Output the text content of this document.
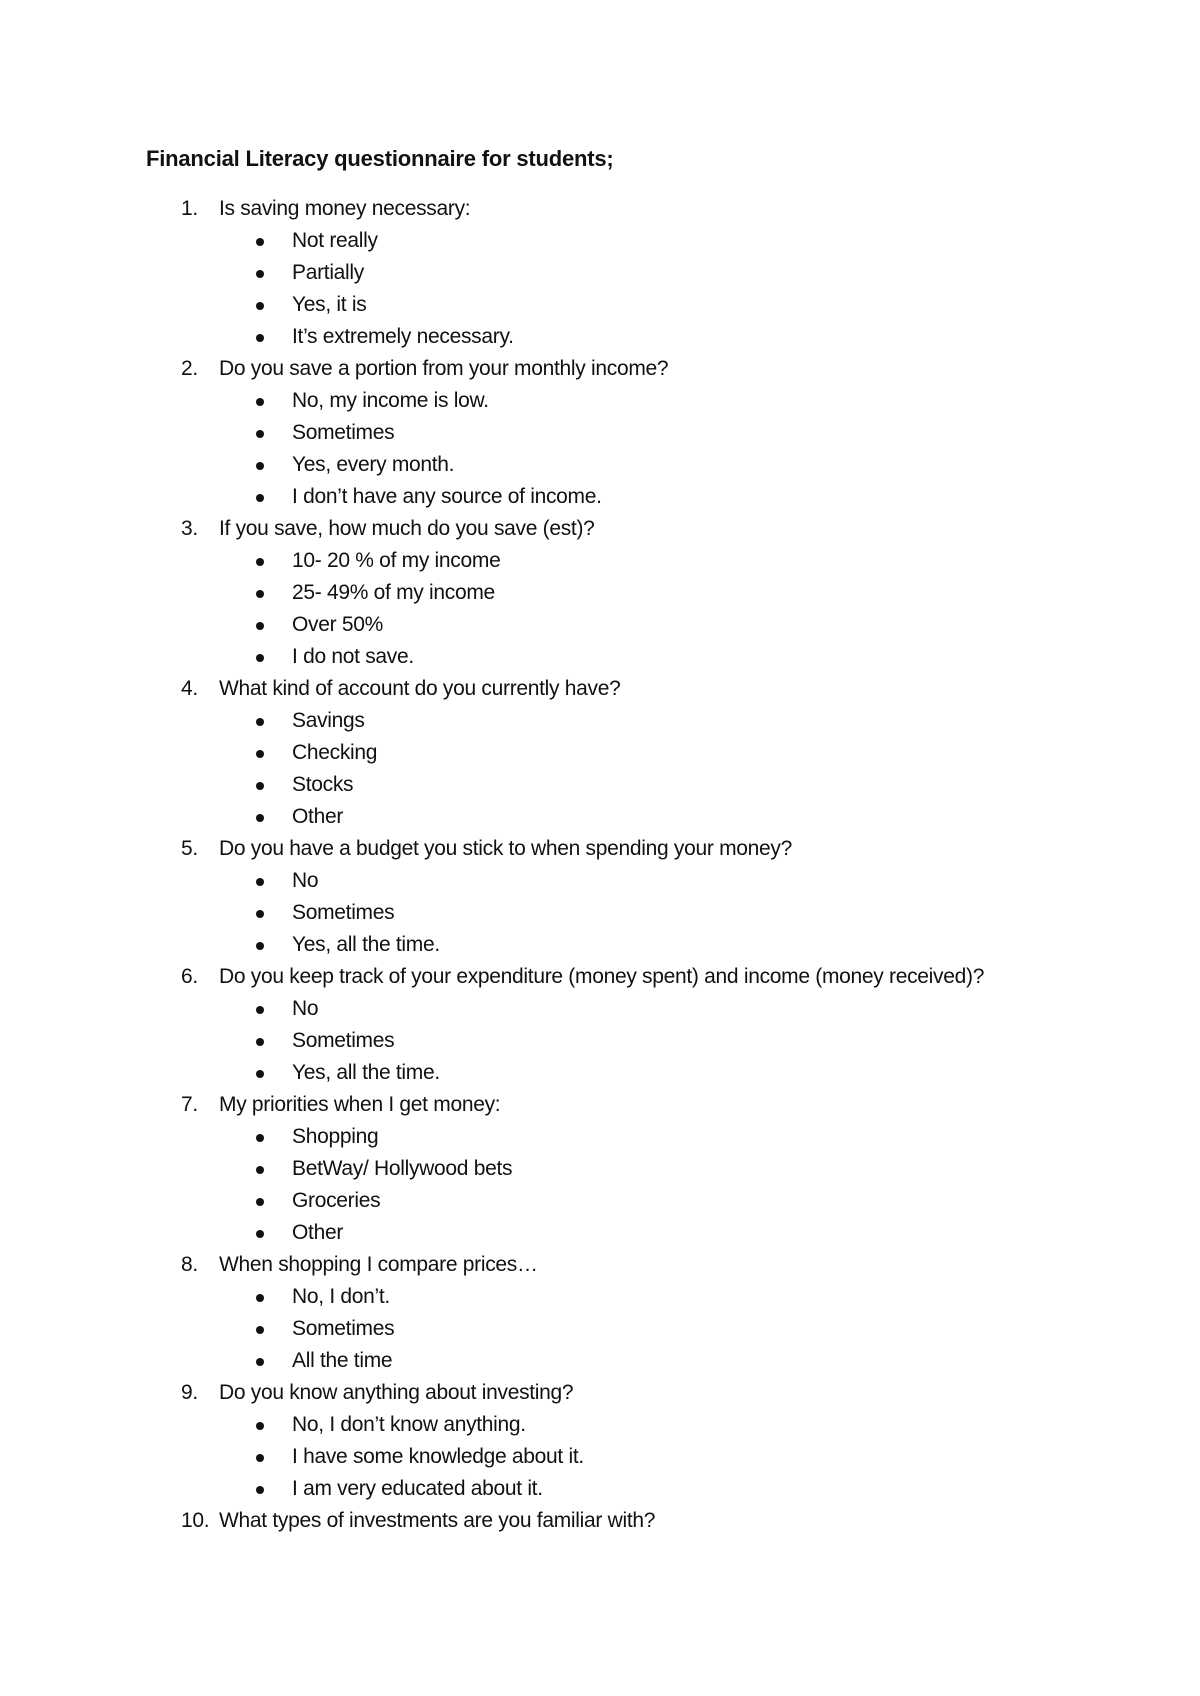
Financial Literacy questionnaire for students;
1. Is saving money necessary:
Not really
Partially
Yes, it is
It’s extremely necessary.
2. Do you save a portion from your monthly income?
No, my income is low.
Sometimes
Yes, every month.
I don’t have any source of income.
3. If you save, how much do you save (est)?
10- 20 % of my income
25- 49% of my income
Over 50%
I do not save.
4. What kind of account do you currently have?
Savings
Checking
Stocks
Other
5. Do you have a budget you stick to when spending your money?
No
Sometimes
Yes, all the time.
6. Do you keep track of your expenditure (money spent) and income (money received)?
No
Sometimes
Yes, all the time.
7. My priorities when I get money:
Shopping
BetWay/ Hollywood bets
Groceries
Other
8. When shopping I compare prices…
No, I don’t.
Sometimes
All the time
9. Do you know anything about investing?
No, I don’t know anything.
I have some knowledge about it.
I am very educated about it.
10. What types of investments are you familiar with?
